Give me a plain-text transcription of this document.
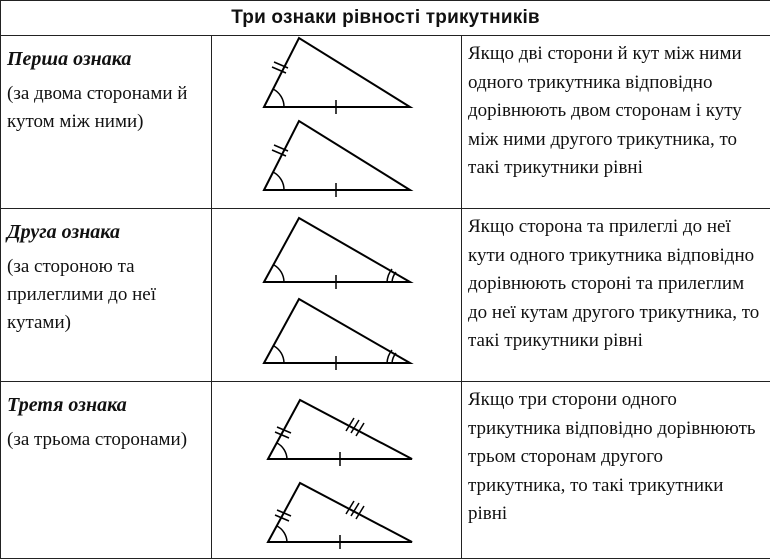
Три ознаки рівності трикутників		

Перша ознака
(за двома сторонами й кутом між ними)		Якщо дві сторони й кут між ними одного трикутника відповідно дорівнюють двом сторонам і куту між ними другого трикутника, то такі трикутники рівні

Друга ознака
(за стороною та прилеглими до неї кутами)		Якщо сторона та прилеглі до неї кути одного трикутника відповідно дорівнюють стороні та прилеглим до неї кутам другого трикутника, то такі трикутники рівні

Третя ознака
(за трьома сторонами)		Якщо три сторони одного трикутника відповідно дорівнюють трьом сторонам другого трикутника, то такі трикутники рівні
